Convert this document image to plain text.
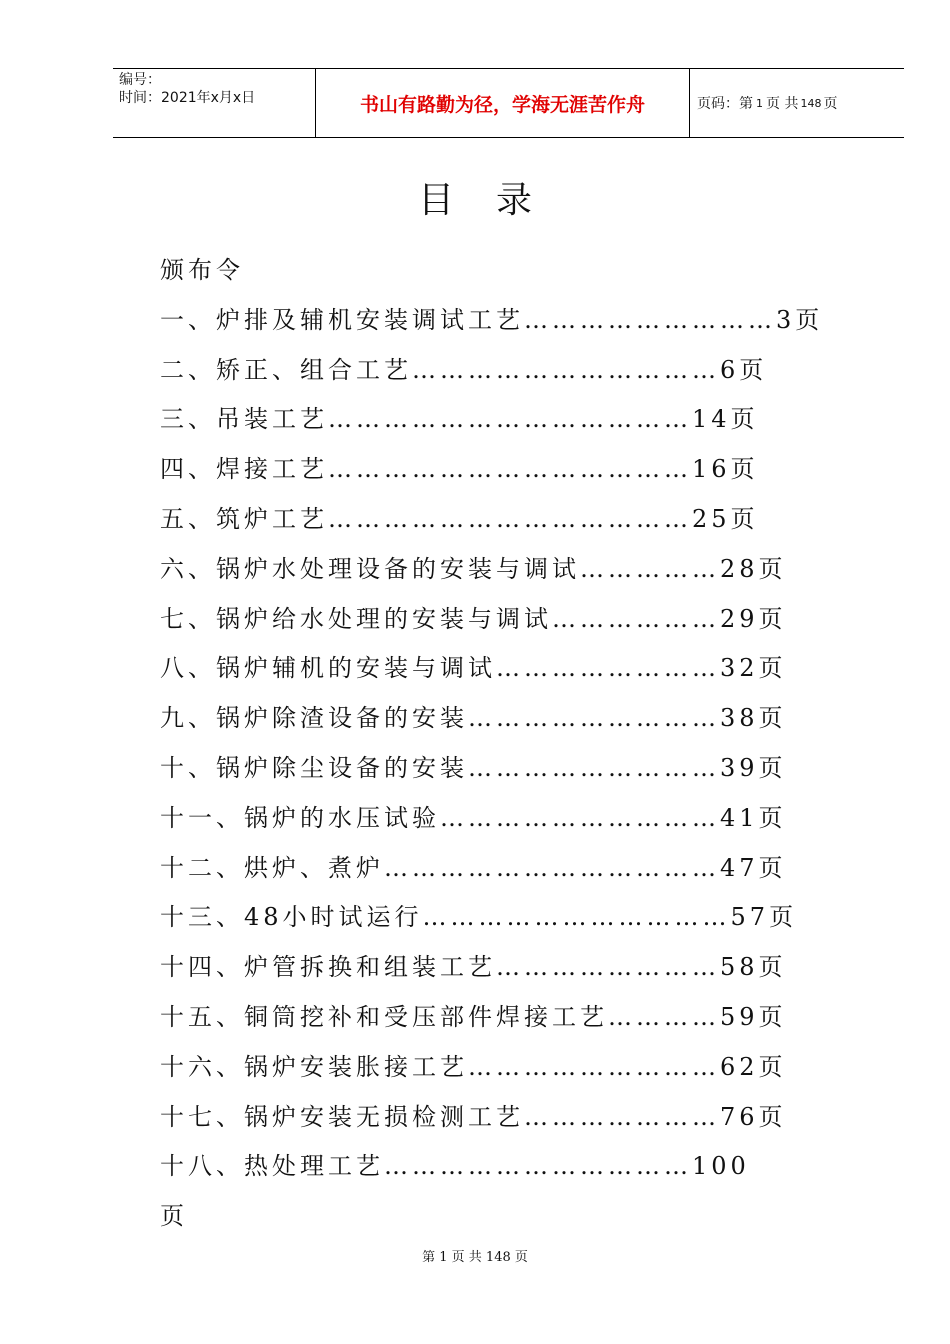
编号：
时间：2021年x月x日	书山有路勤为径，学海无涯苦作舟	页码：第 1 页 共 148 页
目录
颁布令
一、炉排及辅机安装调试工艺………………………3页
二、矫正、组合工艺……………………………6页
三、吊装工艺…………………………………14页
四、焊接工艺…………………………………16页
五、筑炉工艺…………………………………25页
六、锅炉水处理设备的安装与调试……………28页
七、锅炉给水处理的安装与调试………………29页
八、锅炉辅机的安装与调试……………………32页
九、锅炉除渣设备的安装………………………38页
十、锅炉除尘设备的安装………………………39页
十一、锅炉的水压试验…………………………41页
十二、烘炉、煮炉………………………………47页
十三、48小时试运行……………………………57页
十四、炉管拆换和组装工艺……………………58页
十五、铜筒挖补和受压部件焊接工艺…………59页
十六、锅炉安装胀接工艺………………………62页
十七、锅炉安装无损检测工艺…………………76页
十八、热处理工艺……………………………100
页
第 1 页 共 148 页
